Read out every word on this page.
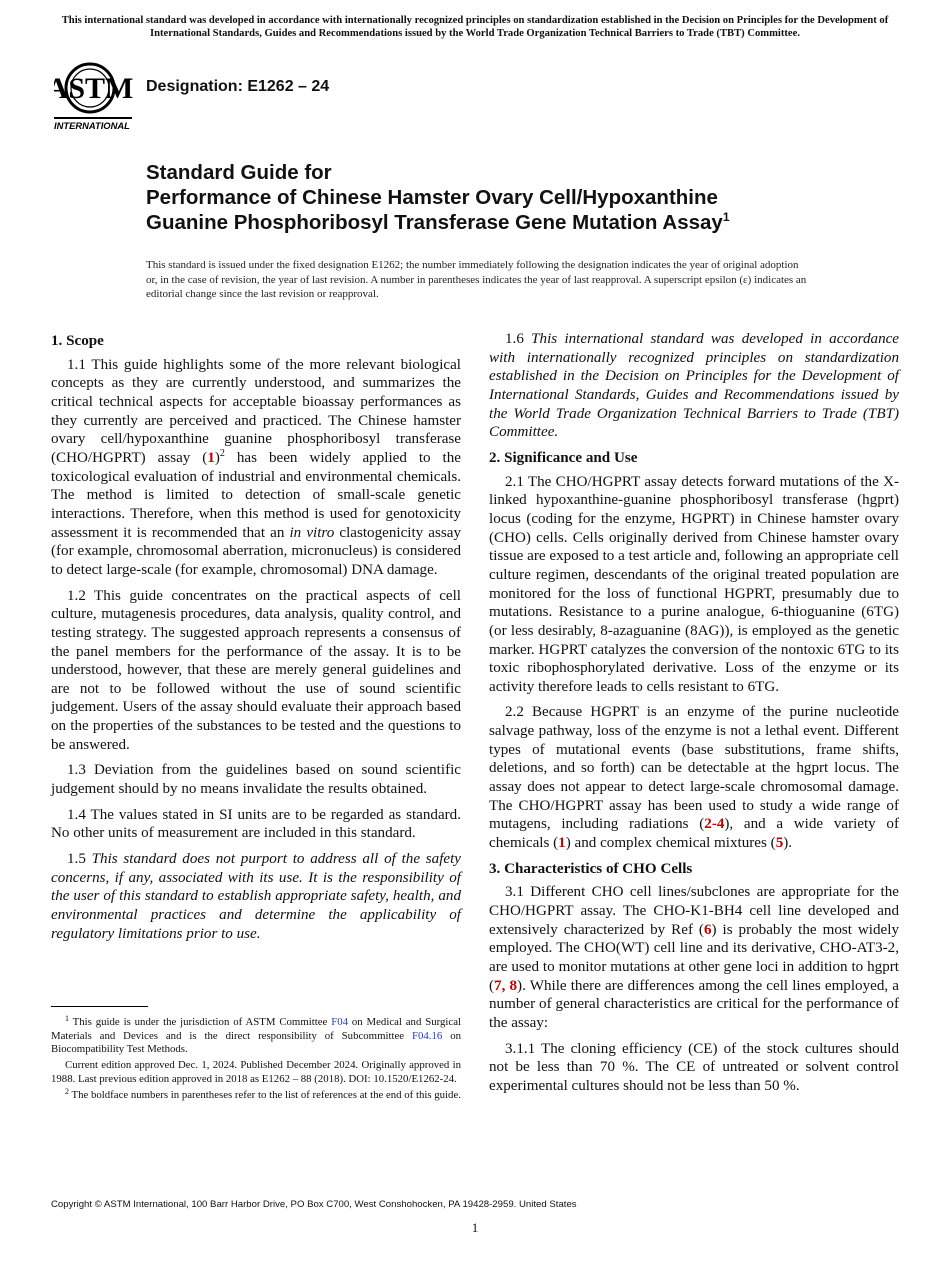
This international standard was developed in accordance with internationally recognized principles on standardization established in the Decision on Principles for the Development of International Standards, Guides and Recommendations issued by the World Trade Organization Technical Barriers to Trade (TBT) Committee.
ASTM
INTERNATIONAL
Designation: E1262 – 24
Standard Guide for
Performance of Chinese Hamster Ovary Cell/Hypoxanthine
Guanine Phosphoribosyl Transferase Gene Mutation Assay$^1$
This standard is issued under the fixed designation E1262; the number immediately following the designation indicates the year of original adoption or, in the case of revision, the year of last revision. A number in parentheses indicates the year of last reapproval. A superscript epsilon (ε) indicates an editorial change since the last revision or reapproval.
1. Scope

1.1 This guide highlights some of the more relevant biological concepts as they are currently understood, and summarizes the critical technical aspects for acceptable bioassay performances as they currently are perceived and practiced. The Chinese hamster ovary cell/hypoxanthine guanine phosphoribosyl transferase (CHO/HGPRT) assay (1)$^2$ has been widely applied to the toxicological evaluation of industrial and environmental chemicals. The method is limited to detection of small-scale genetic interactions. Therefore, when this method is used for genotoxicity assessment it is recommended that an in vitro clastogenicity assay (for example, chromosomal aberration, micronucleus) is considered to detect large-scale (for example, chromosomal) DNA damage.

1.2 This guide concentrates on the practical aspects of cell culture, mutagenesis procedures, data analysis, quality control, and testing strategy. The suggested approach represents a consensus of the panel members for the performance of the assay. It is to be understood, however, that these are merely general guidelines and are not to be followed without the use of sound scientific judgement. Users of the assay should evaluate their approach based on the properties of the substances to be tested and the questions to be answered.

1.3 Deviation from the guidelines based on sound scientific judgement should by no means invalidate the results obtained.

1.4 The values stated in SI units are to be regarded as standard. No other units of measurement are included in this standard.

1.5 This standard does not purport to address all of the safety concerns, if any, associated with its use. It is the responsibility of the user of this standard to establish appropriate safety, health, and environmental practices and determine the applicability of regulatory limitations prior to use.

$^1$ This guide is under the jurisdiction of ASTM Committee F04 on Medical and Surgical Materials and Devices and is the direct responsibility of Subcommittee F04.16 on Biocompatibility Test Methods.

Current edition approved Dec. 1, 2024. Published December 2024. Originally approved in 1988. Last previous edition approved in 2018 as E1262 – 88 (2018). DOI: 10.1520/E1262-24.

$^2$ The boldface numbers in parentheses refer to the list of references at the end of this guide.

1.6 This international standard was developed in accordance with internationally recognized principles on standardization established in the Decision on Principles for the Development of International Standards, Guides and Recommendations issued by the World Trade Organization Technical Barriers to Trade (TBT) Committee.

2. Significance and Use

2.1 The CHO/HGPRT assay detects forward mutations of the X-linked hypoxanthine-guanine phosphoribosyl transferase (hgprt) locus (coding for the enzyme, HGPRT) in Chinese hamster ovary (CHO) cells. Cells originally derived from Chinese hamster ovary tissue are exposed to a test article and, following an appropriate cell culture regimen, descendants of the original treated population are monitored for the loss of functional HGPRT, presumably due to mutations. Resistance to a purine analogue, 6-thioguanine (6TG) (or less desirably, 8-azaguanine (8AG)), is employed as the genetic marker. HGPRT catalyzes the conversion of the nontoxic 6TG to its toxic ribophosphorylated derivative. Loss of the enzyme or its activity therefore leads to cells resistant to 6TG.

2.2 Because HGPRT is an enzyme of the purine nucleotide salvage pathway, loss of the enzyme is not a lethal event. Different types of mutational events (base substitutions, frame shifts, deletions, and so forth) can be detectable at the hgprt locus. The assay does not appear to detect large-scale chromosomal damage. The CHO/HGPRT assay has been used to study a wide range of mutagens, including radiations (2-4), and a wide variety of chemicals (1) and complex chemical mixtures (5).

3. Characteristics of CHO Cells

3.1 Different CHO cell lines/subclones are appropriate for the CHO/HGPRT assay. The CHO-K1-BH4 cell line developed and extensively characterized by Ref (6) is probably the most widely employed. The CHO(WT) cell line and its derivative, CHO-AT3-2, are used to monitor mutations at other gene loci in addition to hgprt (7, 8). While there are differences among the cell lines employed, a number of general characteristics are critical for the performance of the assay:

3.1.1 The cloning efficiency (CE) of the stock cultures should not be less than 70 %. The CE of untreated or solvent control experimental cultures should not be less than 50 %.

Copyright © ASTM International, 100 Barr Harbor Drive, PO Box C700, West Conshohocken, PA 19428-2959. United States
1
